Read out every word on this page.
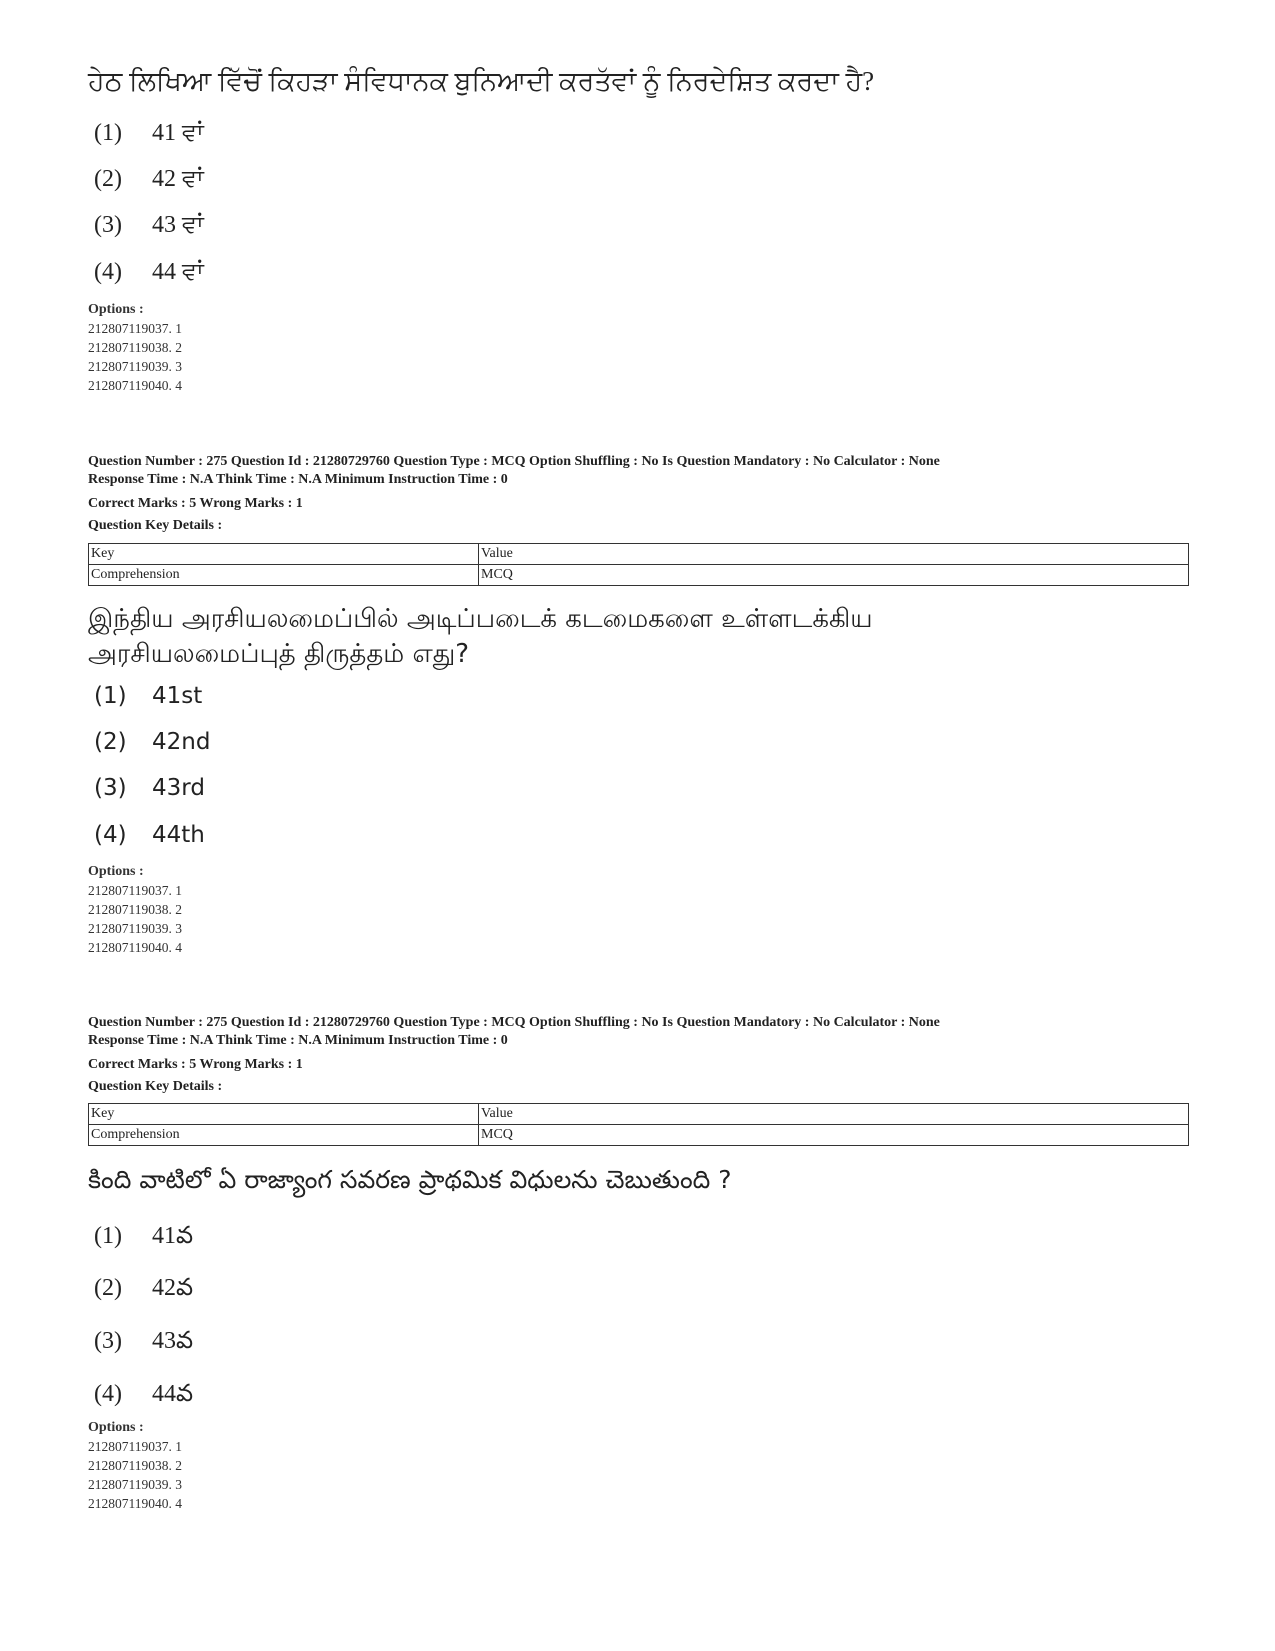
ਹੇਠ ਲਿਖਿਆ ਵਿੱਚੋਂ ਕਿਹੜਾ ਸੰਵਿਧਾਨਕ ਬੁਨਿਆਦੀ ਕਰਤੱਵਾਂ ਨੂੰ ਨਿਰਦੇਸ਼ਿਤ ਕਰਦਾ ਹੈ?
(1)	41 ਵਾਂ
(2)	42 ਵਾਂ
(3)	43 ਵਾਂ
(4)	44 ਵਾਂ
Options :
212807119037. 1
212807119038. 2
212807119039. 3
212807119040. 4
Question Number : 275 Question Id : 21280729760 Question Type : MCQ Option Shuffling : No Is Question Mandatory : No Calculator : None
Response Time : N.A Think Time : N.A Minimum Instruction Time : 0
Correct Marks : 5 Wrong Marks : 1
Question Key Details :
Key	Value
Comprehension	MCQ
இந்திய அரசியலமைப்பில் அடிப்படைக் கடமைகளை உள்ளடக்கிய அரசியலமைப்புத் திருத்தம் எது?
(1)	41st
(2)	42nd
(3)	43rd
(4)	44th
Options :
212807119037. 1
212807119038. 2
212807119039. 3
212807119040. 4
Question Number : 275 Question Id : 21280729760 Question Type : MCQ Option Shuffling : No Is Question Mandatory : No Calculator : None
Response Time : N.A Think Time : N.A Minimum Instruction Time : 0
Correct Marks : 5 Wrong Marks : 1
Question Key Details :
Key	Value
Comprehension	MCQ
కింది వాటిలో ఏ రాజ్యాంగ సవరణ ప్రాథమిక విధులను చెబుతుంది ?
(1)	41వ
(2)	42వ
(3)	43వ
(4)	44వ
Options :
212807119037. 1
212807119038. 2
212807119039. 3
212807119040. 4
